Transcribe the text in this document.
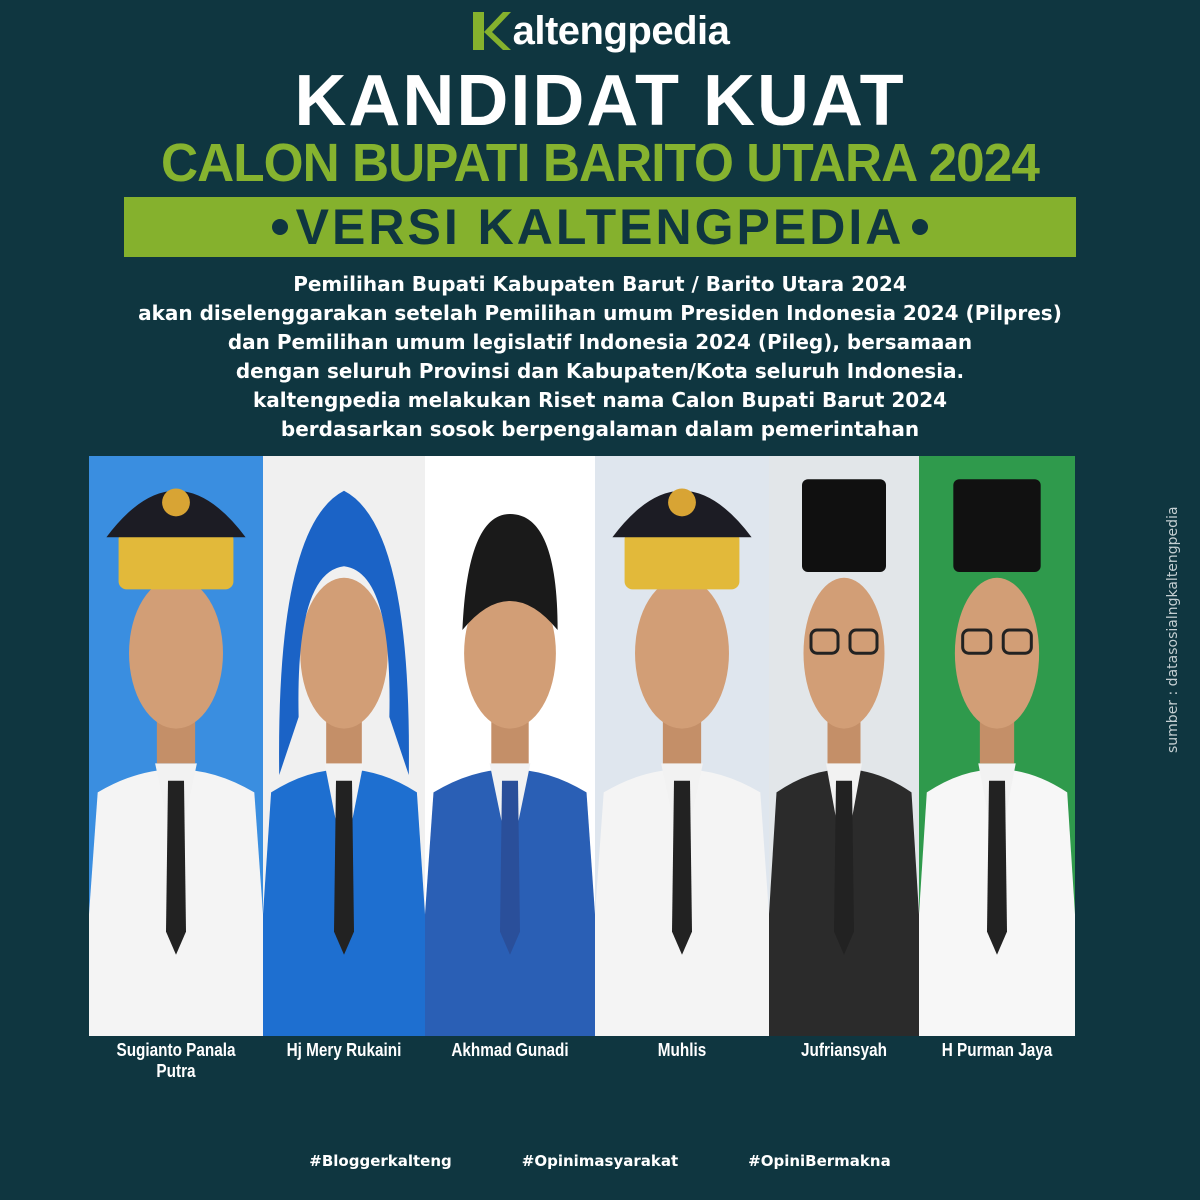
altengpedia
KANDIDAT KUAT
CALON BUPATI BARITO UTARA 2024
VERSI KALTENGPEDIA
Pemilihan Bupati Kabupaten Barut / Barito Utara 2024
akan diselenggarakan setelah Pemilihan umum Presiden Indonesia 2024 (Pilpres)
dan Pemilihan umum legislatif Indonesia 2024 (Pileg), bersamaan
dengan seluruh Provinsi dan Kabupaten/Kota seluruh Indonesia.
kaltengpedia melakukan Riset nama Calon Bupati Barut 2024
berdasarkan sosok berpengalaman dalam pemerintahan
Sugianto Panala Putra
Hj Mery Rukaini	Akhmad Gunadi	Muhlis	Jufriansyah	H Purman Jaya
sumber : datasosialngkaltengpedia
#Bloggerkalteng	#Opinimasyarakat	#OpiniBermakna
